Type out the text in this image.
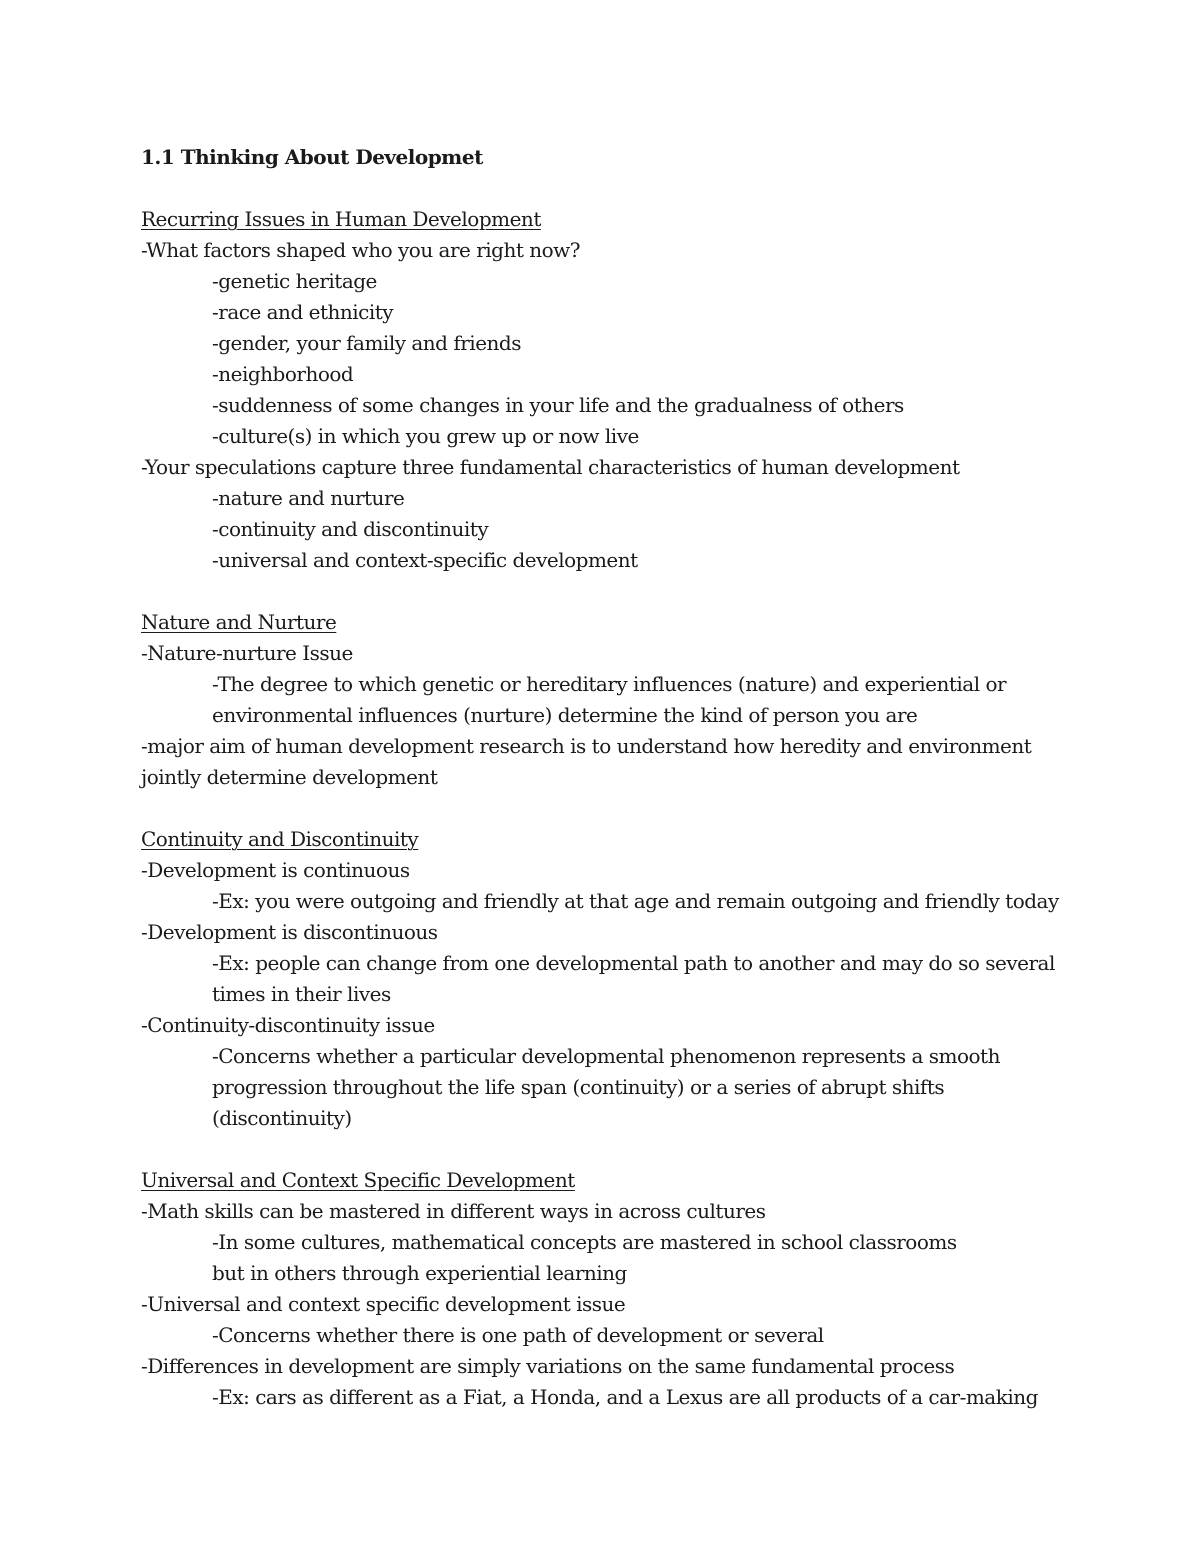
1.1 Thinking About Developmet
Recurring Issues in Human Development
-What factors shaped who you are right now?
-genetic heritage
-race and ethnicity
-gender, your family and friends
-neighborhood
-suddenness of some changes in your life and the gradualness of others
-culture(s) in which you grew up or now live
-Your speculations capture three fundamental characteristics of human development
-nature and nurture
-continuity and discontinuity
-universal and context-specific development
Nature and Nurture
-Nature-nurture Issue
-The degree to which genetic or hereditary influences (nature) and experiential or
environmental influences (nurture) determine the kind of person you are
-major aim of human development research is to understand how heredity and environment
jointly determine development
Continuity and Discontinuity
-Development is continuous
-Ex: you were outgoing and friendly at that age and remain outgoing and friendly today
-Development is discontinuous
-Ex: people can change from one developmental path to another and may do so several
times in their lives
-Continuity-discontinuity issue
-Concerns whether a particular developmental phenomenon represents a smooth
progression throughout the life span (continuity) or a series of abrupt shifts
(discontinuity)
Universal and Context Specific Development
-Math skills can be mastered in different ways in across cultures
-In some cultures, mathematical concepts are mastered in school classrooms
but in others through experiential learning
-Universal and context specific development issue
-Concerns whether there is one path of development or several
-Differences in development are simply variations on the same fundamental process
-Ex: cars as different as a Fiat, a Honda, and a Lexus are all products of a car-making
